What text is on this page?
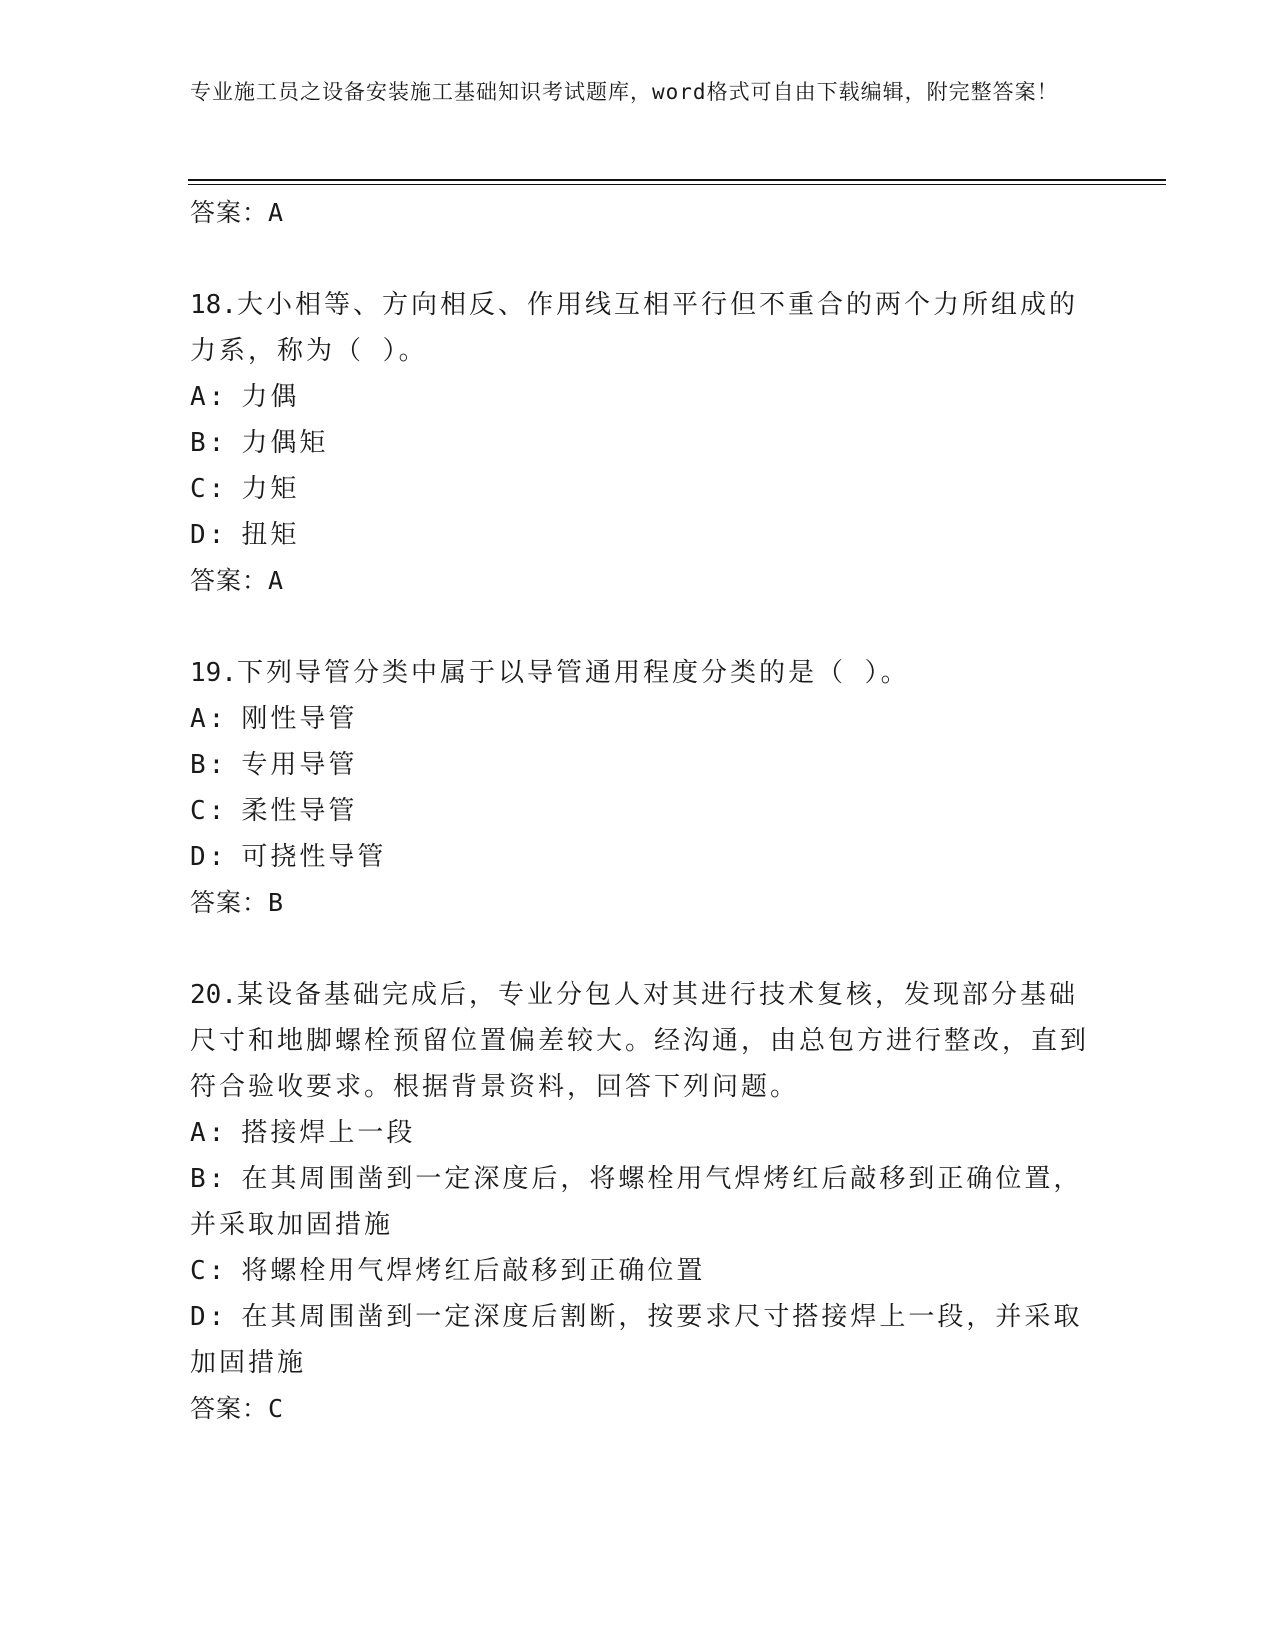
专业施工员之设备安装施工基础知识考试题库，word格式可自由下载编辑，附完整答案！
答案：A
18.大小相等、方向相反、作用线互相平行但不重合的两个力所组成的力系，称为（ ）。
A: 力偶
B: 力偶矩
C: 力矩
D: 扭矩
答案：A
19.下列导管分类中属于以导管通用程度分类的是（ ）。
A: 刚性导管
B: 专用导管
C: 柔性导管
D: 可挠性导管
答案：B
20.某设备基础完成后，专业分包人对其进行技术复核，发现部分基础尺寸和地脚螺栓预留位置偏差较大。经沟通，由总包方进行整改，直到符合验收要求。根据背景资料，回答下列问题。
A: 搭接焊上一段
B: 在其周围凿到一定深度后，将螺栓用气焊烤红后敲移到正确位置，并采取加固措施
C: 将螺栓用气焊烤红后敲移到正确位置
D: 在其周围凿到一定深度后割断，按要求尺寸搭接焊上一段，并采取加固措施
答案：C
